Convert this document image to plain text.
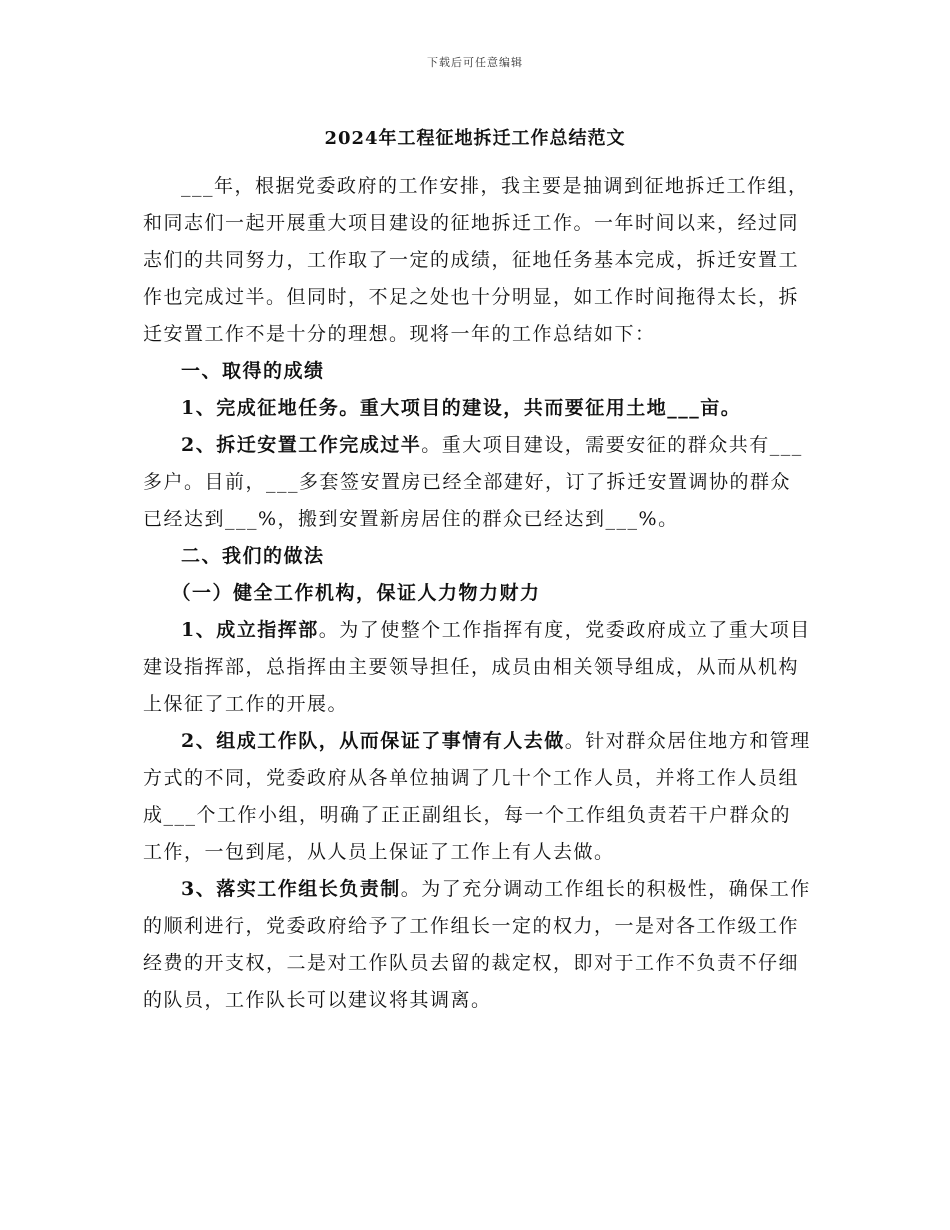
下载后可任意编辑
2024年工程征地拆迁工作总结范文

___年，根据党委政府的工作安排，我主要是抽调到征地拆迁工作组，和同志们一起开展重大项目建设的征地拆迁工作。一年时间以来，经过同志们的共同努力，工作取了一定的成绩，征地任务基本完成，拆迁安置工作也完成过半。但同时，不足之处也十分明显，如工作时间拖得太长，拆迁安置工作不是十分的理想。现将一年的工作总结如下：

一、取得的成绩

1、完成征地任务。重大项目的建设，共而要征用土地___亩。

2、拆迁安置工作完成过半。重大项目建设，需要安征的群众共有___多户。目前，___多套签安置房已经全部建好，订了拆迁安置调协的群众已经达到___%，搬到安置新房居住的群众已经达到___%。

二、我们的做法

（一）健全工作机构，保证人力物力财力

1、成立指挥部。为了使整个工作指挥有度，党委政府成立了重大项目建设指挥部，总指挥由主要领导担任，成员由相关领导组成，从而从机构上保征了工作的开展。

2、组成工作队，从而保证了事情有人去做。针对群众居住地方和管理方式的不同，党委政府从各单位抽调了几十个工作人员，并将工作人员组成___个工作小组，明确了正正副组长，每一个工作组负责若干户群众的工作，一包到尾，从人员上保证了工作上有人去做。

3、落实工作组长负责制。为了充分调动工作组长的积极性，确保工作的顺利进行，党委政府给予了工作组长一定的权力，一是对各工作级工作经费的开支权，二是对工作队员去留的裁定权，即对于工作不负责不仔细的队员，工作队长可以建议将其调离。
